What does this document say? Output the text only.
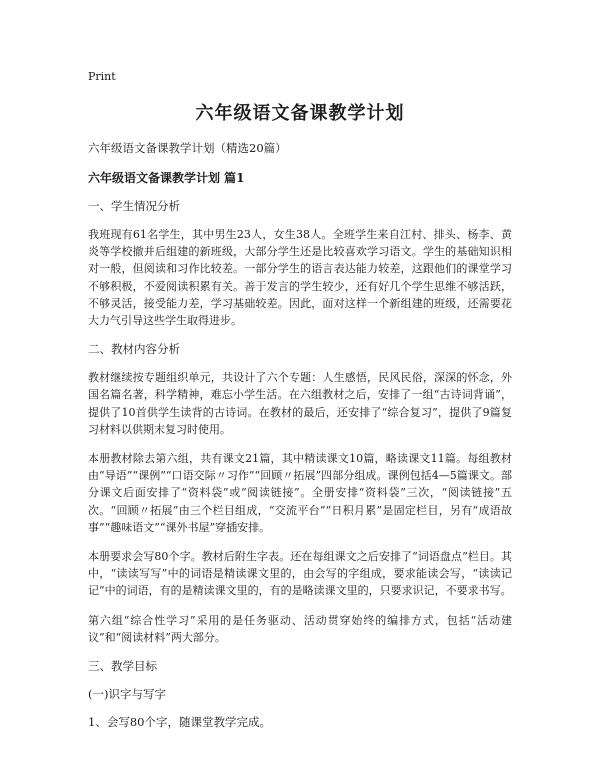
Print
六年级语文备课教学计划
六年级语文备课教学计划（精选20篇）
六年级语文备课教学计划 篇1
一、学生情况分析

我班现有61名学生，其中男生23人，女生38人。全班学生来自江村、排头、杨李、黄炎等学校撤并后组建的新班级，大部分学生还是比较喜欢学习语文。学生的基础知识相对一般，但阅读和习作比较差。一部分学生的语言表达能力较差，这跟他们的课堂学习不够积极，不爱阅读积累有关。善于发言的学生较少，还有好几个学生思维不够活跃，不够灵活，接受能力差，学习基础较差。因此，面对这样一个新组建的班级，还需要花大力气引导这些学生取得进步。

二、教材内容分析

教材继续按专题组织单元，共设计了六个专题：人生感悟，民风民俗，深深的怀念，外国名篇名著，科学精神，难忘小学生活。在六组教材之后，安排了一组“古诗词背诵”，提供了10首供学生读背的古诗词。在教材的最后，还安排了“综合复习”，提供了9篇复习材料以供期末复习时使用。

本册教材除去第六组，共有课文21篇，其中精读课文10篇，略读课文11篇。每组教材由“导语”“课例”“口语交际〃习作”“回顾〃拓展”四部分组成。课例包括4—5篇课文。部分课文后面安排了“资料袋”或“阅读链接”。全册安排“资料袋”三次，“阅读链接”五次。“回顾〃拓展”由三个栏目组成，“交流平台”“日积月累”是固定栏目，另有“成语故事”“趣味语文”“课外书屋”穿插安排。

本册要求会写80个字。教材后附生字表。还在每组课文之后安排了“词语盘点”栏目。其中，“读读写写”中的词语是精读课文里的，由会写的字组成，要求能读会写，“读读记记”中的词语，有的是精读课文里的，有的是略读课文里的，只要求识记，不要求书写。

第六组“综合性学习”采用的是任务驱动、活动贯穿始终的编排方式，包括“活动建议”和“阅读材料”两大部分。

三、教学目标
(一)识字与写字
1、会写80个字，随课堂教学完成。
